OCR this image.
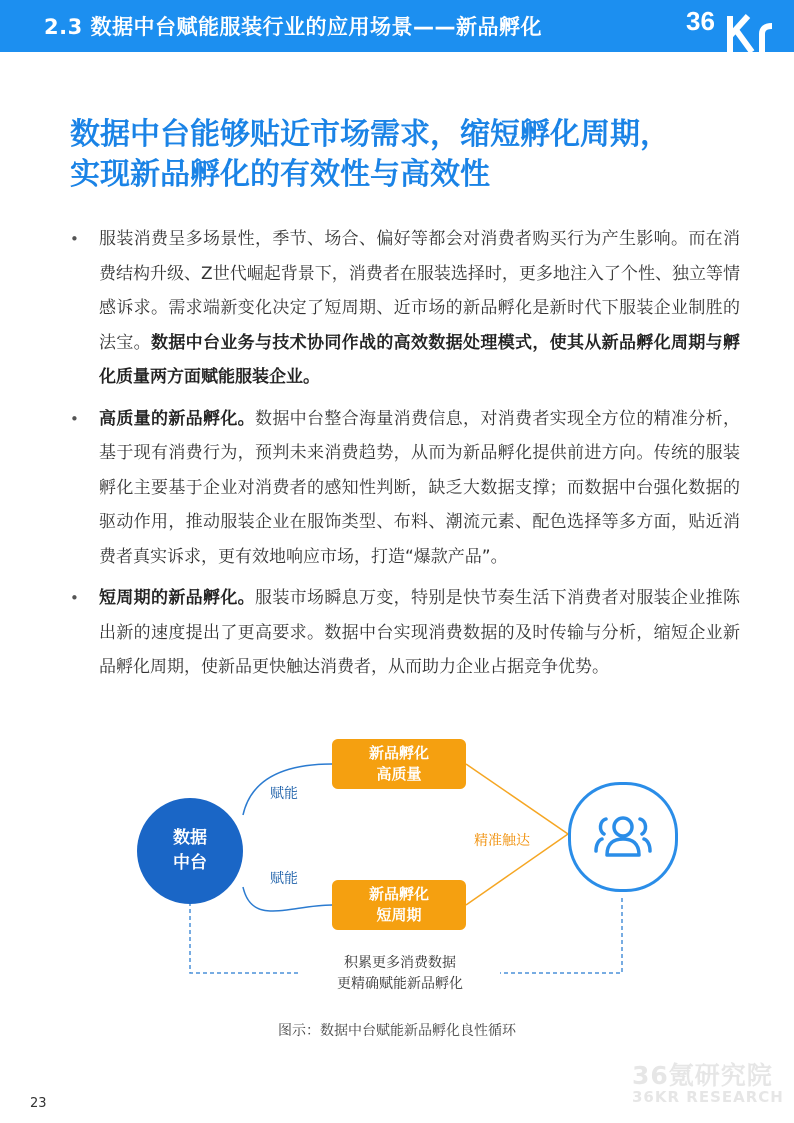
2.3 数据中台赋能服装行业的应用场景——新品孵化	36
数据中台能够贴近市场需求，缩短孵化周期，
实现新品孵化的有效性与高效性
• 服装消费呈多场景性，季节、场合、偏好等都会对消费者购买行为产生影响。而在消费结构升级、Z世代崛起背景下，消费者在服装选择时，更多地注入了个性、独立等情感诉求。需求端新变化决定了短周期、近市场的新品孵化是新时代下服装企业制胜的法宝。数据中台业务与技术协同作战的高效数据处理模式，使其从新品孵化周期与孵化质量两方面赋能服装企业。
• 高质量的新品孵化。数据中台整合海量消费信息，对消费者实现全方位的精准分析，基于现有消费行为，预判未来消费趋势，从而为新品孵化提供前进方向。传统的服装孵化主要基于企业对消费者的感知性判断，缺乏大数据支撑；而数据中台强化数据的驱动作用，推动服装企业在服饰类型、布料、潮流元素、配色选择等多方面，贴近消费者真实诉求，更有效地响应市场，打造“爆款产品”。
• 短周期的新品孵化。服装市场瞬息万变，特别是快节奏生活下消费者对服装企业推陈出新的速度提出了更高要求。数据中台实现消费数据的及时传输与分析，缩短企业新品孵化周期，使新品更快触达消费者，从而助力企业占据竞争优势。
数据
中台
新品孵化
高质量
新品孵化
短周期
赋能
赋能
精准触达
积累更多消费数据
更精确赋能新品孵化
图示：数据中台赋能新品孵化良性循环
36氪研究院
36KR RESEARCH
23
